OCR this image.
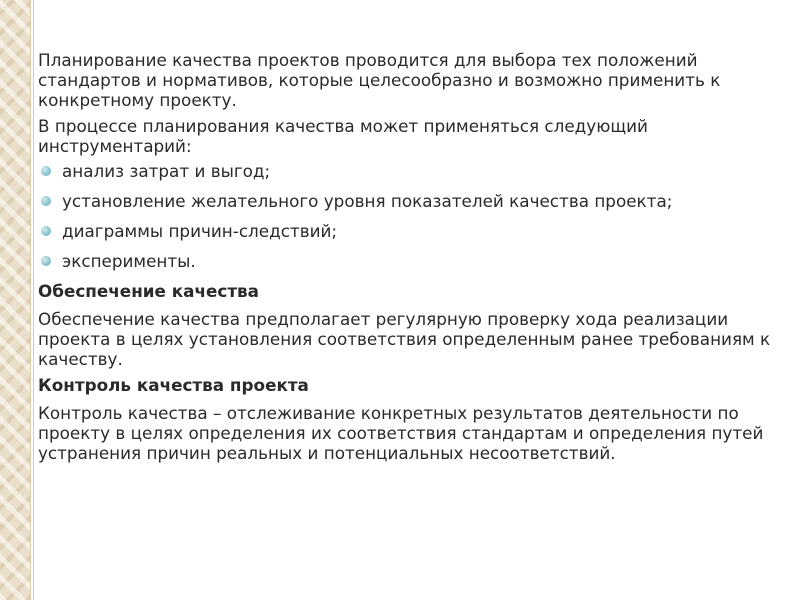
Планирование качества проектов проводится для выбора тех положений стандартов и нормативов, которые целесообразно и возможно применить к конкретному проекту.

В процессе планирования качества может применяться следующий инструментарий:

анализ затрат и выгод;
установление желательного уровня показателей качества проекта;
диаграммы причин-следствий;
эксперименты.

Обеспечение качества

Обеспечение качества предполагает регулярную проверку хода реализации проекта в целях установления соответствия определенным ранее требованиям к качеству.

Контроль качества проекта

Контроль качества – отслеживание конкретных результатов деятельности по проекту в целях определения их соответствия стандартам и определения путей устранения причин реальных и потенциальных несоответствий.
